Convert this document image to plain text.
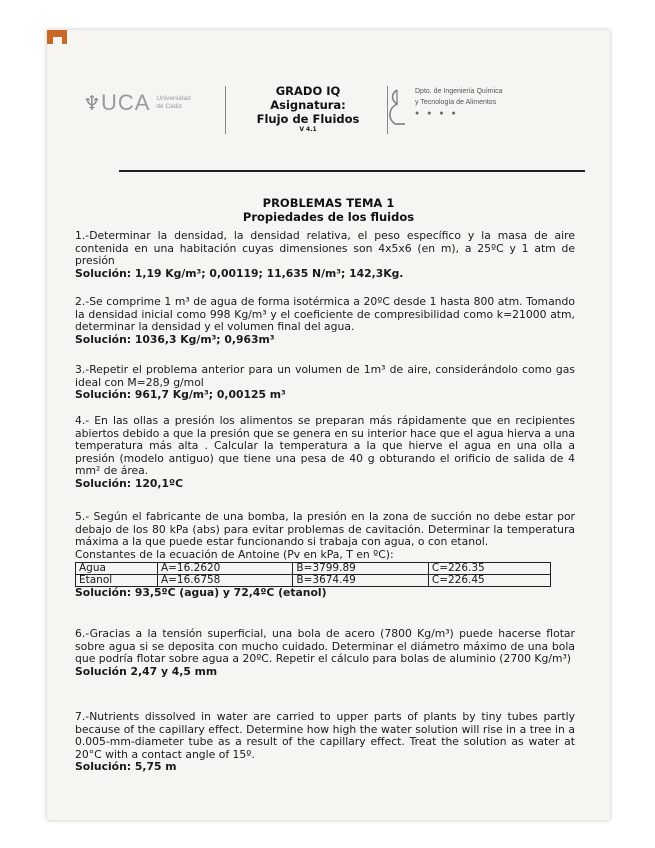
♆ UCA Universidad
de Cádiz
GRADO IQ
Asignatura:
Flujo de Fluidos
V 4.1
Dpto. de Ingeniería Química
y Tecnología de Alimentos
● ● ● ●
PROBLEMAS TEMA 1
Propiedades de los fluidos

1.-Determinar la densidad, la densidad relativa, el peso específico y la masa de aire contenida en una habitación cuyas dimensiones son 4x5x6 (en m), a 25ºC y 1 atm de presión

Solución: 1,19 Kg/m³; 0,00119; 11,635 N/m³; 142,3Kg.

2.-Se comprime 1 m³ de agua de forma isotérmica a 20ºC desde 1 hasta 800 atm. Tomando la densidad inicial como 998 Kg/m³ y el coeficiente de compresibilidad como k=21000 atm, determinar la densidad y el volumen final del agua.

Solución: 1036,3 Kg/m³; 0,963m³

3.-Repetir el problema anterior para un volumen de 1m³ de aire, considerándolo como gas ideal con M=28,9 g/mol

Solución: 961,7 Kg/m³; 0,00125 m³

4.- En las ollas a presión los alimentos se preparan más rápidamente que en recipientes abiertos debido a que la presión que se genera en su interior hace que el agua hierva a una temperatura más alta . Calcular la temperatura a la que hierve el agua en una olla a presión (modelo antiguo) que tiene una pesa de 40 g obturando el orificio de salida de 4 mm² de área.

Solución: 120,1ºC

5.- Según el fabricante de una bomba, la presión en la zona de succión no debe estar por debajo de los 80 kPa (abs) para evitar problemas de cavitación. Determinar la temperatura máxima a la que puede estar funcionando si trabaja con agua, o con etanol.

Constantes de la ecuación de Antoine (Pv en kPa, T en ºC):

Agua	A=16.2620	B=3799.89	C=226.35
Etanol	A=16.6758	B=3674.49	C=226.45

Solución: 93,5ºC (agua) y 72,4ºC (etanol)

6.-Gracias a la tensión superficial, una bola de acero (7800 Kg/m³) puede hacerse flotar sobre agua si se deposita con mucho cuidado. Determinar el diámetro máximo de una bola que podría flotar sobre agua a 20ºC. Repetir el cálculo para bolas de aluminio (2700 Kg/m³)

Solución 2,47 y 4,5 mm

7.-Nutrients dissolved in water are carried to upper parts of plants by tiny tubes partly because of the capillary effect. Determine how high the water solution will rise in a tree in a 0.005-mm-diameter tube as a result of the capillary effect. Treat the solution as water at 20°C with a contact angle of 15º.

Solución: 5,75 m
